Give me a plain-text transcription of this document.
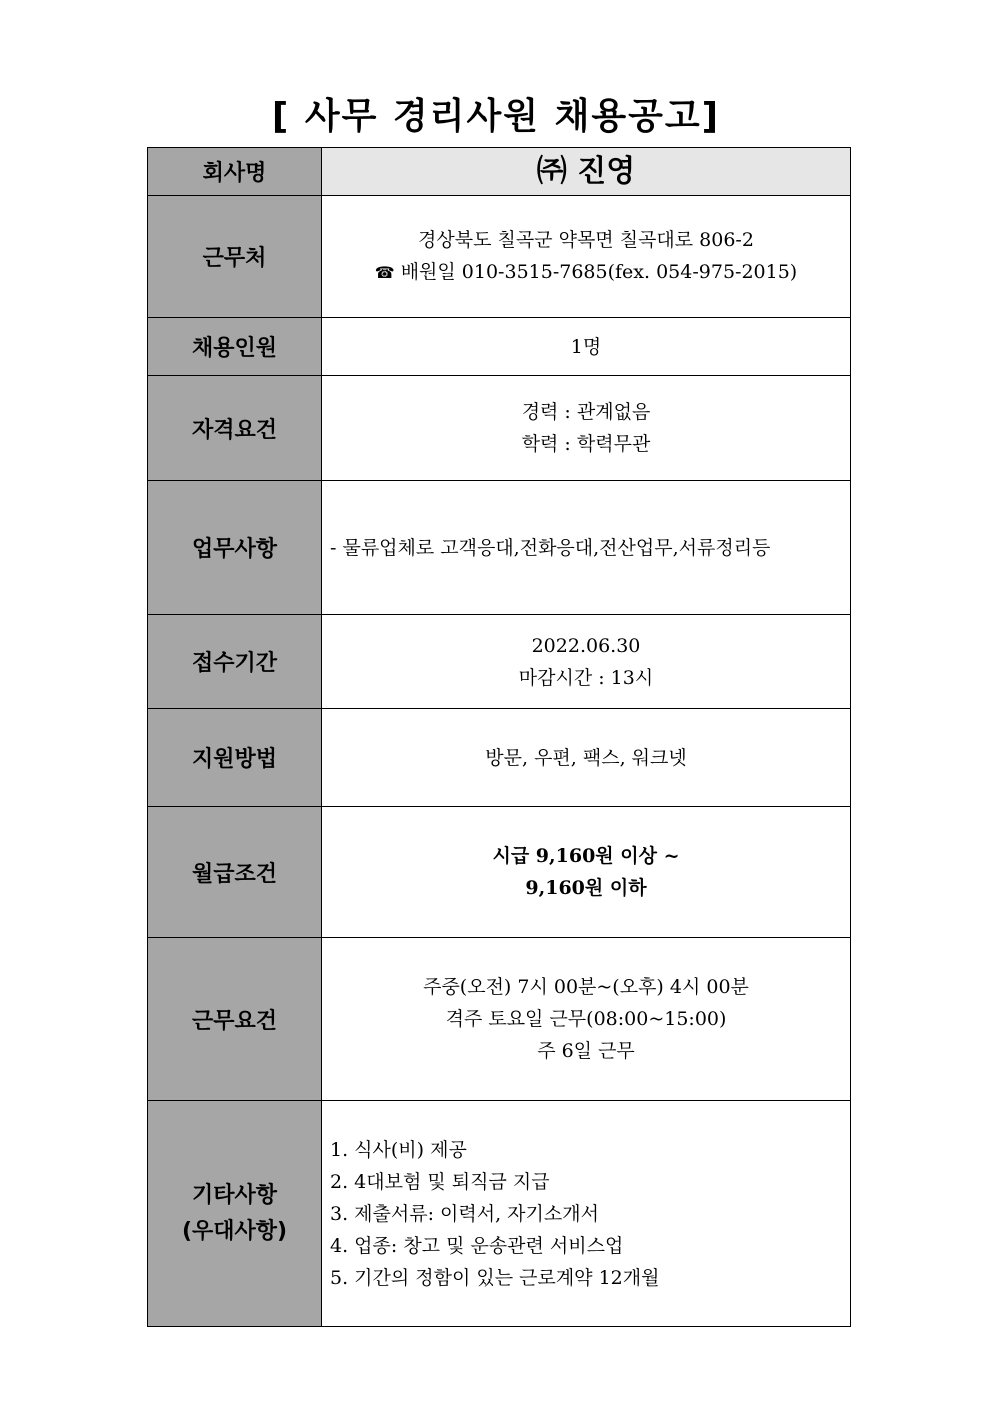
[ 사무 경리사원 채용공고]
회사명	㈜ 진영
근무처	경상북도 칠곡군 약목면 칠곡대로 806-2
☎ 배원일 010-3515-7685(fex. 054-975-2015)

채용인원	1명
자격요건	경력 : 관계없음
학력 : 학력무관

업무사항	- 물류업체로 고객응대,전화응대,전산업무,서류정리등
접수기간	2022.06.30
마감시간 : 13시

지원방법	방문, 우편, 팩스, 워크넷
월급조건	시급 9,160원 이상 ~
9,160원 이하

근무요건	주중(오전) 7시 00분~(오후) 4시 00분
격주 토요일 근무(08:00~15:00)
주 6일 근무

기타사항
(우대사항)	1. 식사(비) 제공
2. 4대보험 및 퇴직금 지급
3. 제출서류: 이력서, 자기소개서
4. 업종: 창고 및 운송관련 서비스업
5. 기간의 정함이 있는 근로계약 12개월
